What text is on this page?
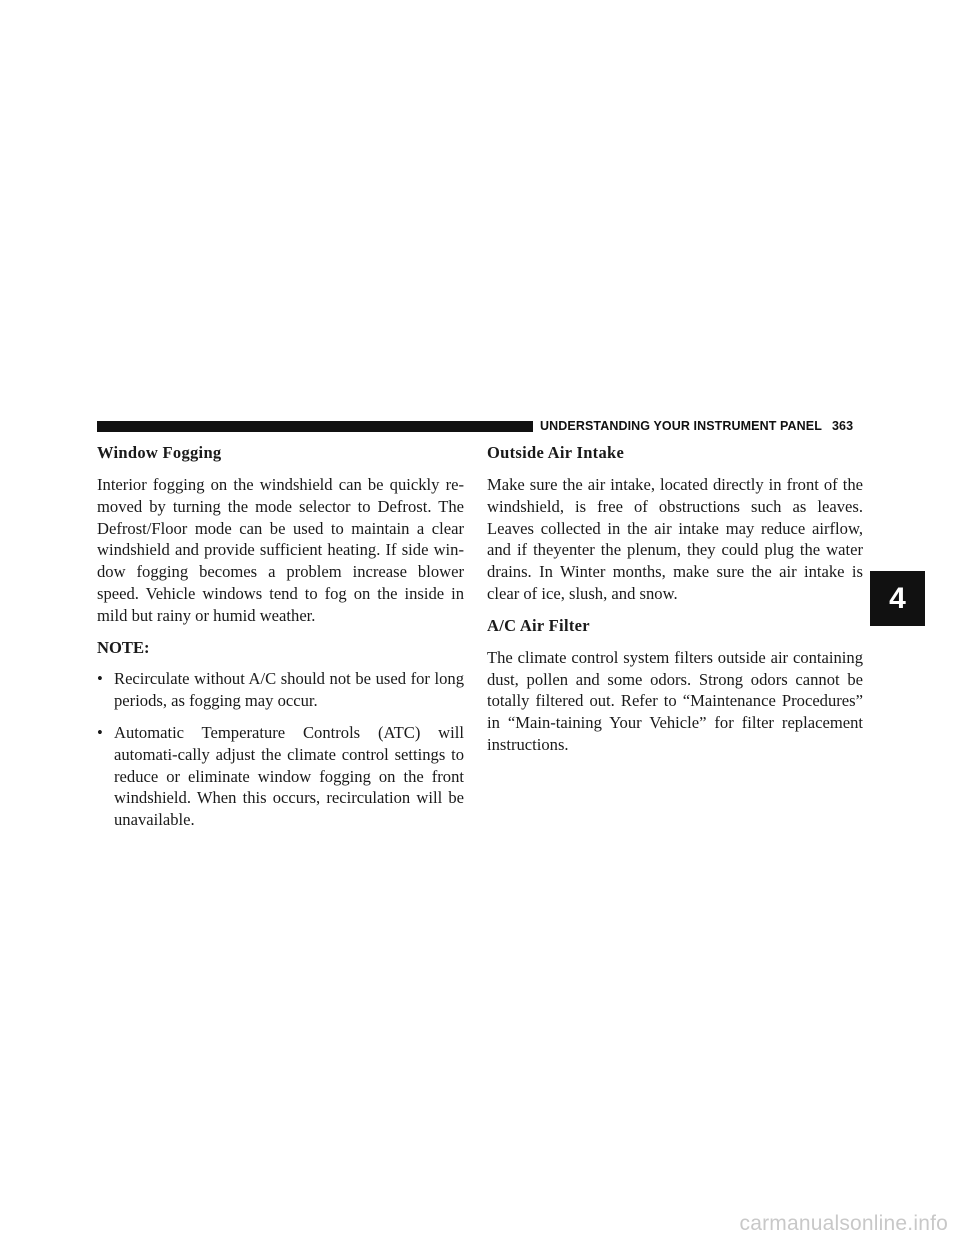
UNDERSTANDING YOUR INSTRUMENT PANEL 363
Window Fogging

Interior fogging on the windshield can be quickly re-moved by turning the mode selector to Defrost. The Defrost/Floor mode can be used to maintain a clear windshield and provide sufficient heating. If side win-dow fogging becomes a problem increase blower speed. Vehicle windows tend to fog on the inside in mild but rainy or humid weather.

NOTE:
• Recirculate without A/C should not be used for long periods, as fogging may occur.
• Automatic Temperature Controls (ATC) will automati-cally adjust the climate control settings to reduce or eliminate window fogging on the front windshield. When this occurs, recirculation will be unavailable.
Outside Air Intake

Make sure the air intake, located directly in front of the windshield, is free of obstructions such as leaves. Leaves collected in the air intake may reduce airflow, and if theyenter the plenum, they could plug the water drains. In Winter months, make sure the air intake is clear of ice, slush, and snow.

A/C Air Filter

The climate control system filters outside air containing dust, pollen and some odors. Strong odors cannot be totally filtered out. Refer to “Maintenance Procedures” in “Main-taining Your Vehicle” for filter replacement instructions.

4
carmanualsonline.info
